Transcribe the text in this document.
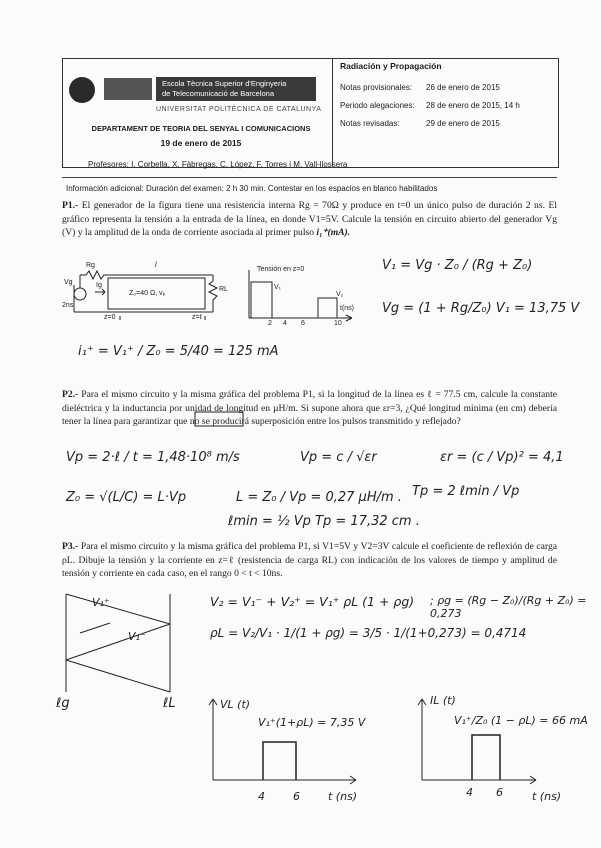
Escola Tècnica Superior d'Enginyeria
de Telecomunicació de Barcelona
UNIVERSITAT POLITÈCNICA DE CATALUNYA
DEPARTAMENT DE TEORIA DEL SENYAL I COMUNICACIONS
19 de enero de 2015
Radiación y Propagación
Notas provisionales: 26 de enero de 2015
Periodo alegaciones: 28 de enero de 2015, 14 h
Notas revisadas:	29 de enero de 2015
Profesores: I. Corbella, X. Fàbregas, C. López, F. Torres i M. Vall-llossera
Información adicional: Duración del examen: 2 h 30 min. Contestar en los espacios en blanco habilitados
P1.- El generador de la figura tiene una resistencia interna Rg = 70Ω y produce en t=0 un único pulso de duración 2 ns. El gráfico representa la tensión a la entrada de la línea, en donde V1=5V. Calcule la tensión en circuito abierto del generador Vg (V) y la amplitud de la onda de corriente asociada al primer pulso i₁⁺(mA).
Rg
Vg	Ig
l
Z₀=40 Ω, vₚ
RL
2ns
z=0	z=ℓ
Tensión en z=0
V₁
V₂
t(ns)
2 4 6	10
V₁ = Vg · Z₀ / (Rg + Z₀)
Vg = (1 + Rg/Z₀) V₁ = 13,75 V
i₁⁺ = V₁⁺ / Z₀ = 5/40 = 125 mA
P2.- Para el mismo circuito y la misma gráfica del problema P1, si la longitud de la línea es ℓ = 77.5 cm, calcule la constante dieléctrica y la inductancia por unidad de longitud en µH/m. Si supone ahora que εr=3, ¿Qué longitud mínima (en cm) debería tener la línea para garantizar que no se producirá superposición entre los pulsos transmitido y reflejado?
Vp = 2·ℓ / t = 1,48·10⁸ m/s	Vp = c / √εr	εr = (c / Vp)² = 4,1
Z₀ = √(L/C) = L·Vp	L = Z₀ / Vp = 0,27 µH/m . Tp = 2 ℓmin / Vp
ℓmin = ½ Vp Tp = 17,32 cm .
P3.- Para el mismo circuito y la misma gráfica del problema P1, si V1=5V y V2=3V calcule el coeficiente de reflexión de carga ρL. Dibuje la tensión y la corriente en z=ℓ (resistencia de carga RL) con indicación de los valores de tiempo y amplitud de tensión y corriente en cada caso, en el rango 0 < t < 10ns.
V₂ = V₁⁻ + V₂⁺ = V₁⁺ ρL (1 + ρg) ; ρg = (Rg − Z₀)/(Rg + Z₀) = 0,273
ρL = V₂/V₁ · 1/(1 + ρg) = 3/5 · 1/(1+0,273) = 0,4714
V₁⁺
V₁⁻
ℓg	ℓL	VL (t)
V₁⁺(1+ρL) = 7,35 V
4	6	t (ns)
IL (t)
V₁⁺/Z₀ (1 − ρL) = 66 mA
4 6	t (ns)
